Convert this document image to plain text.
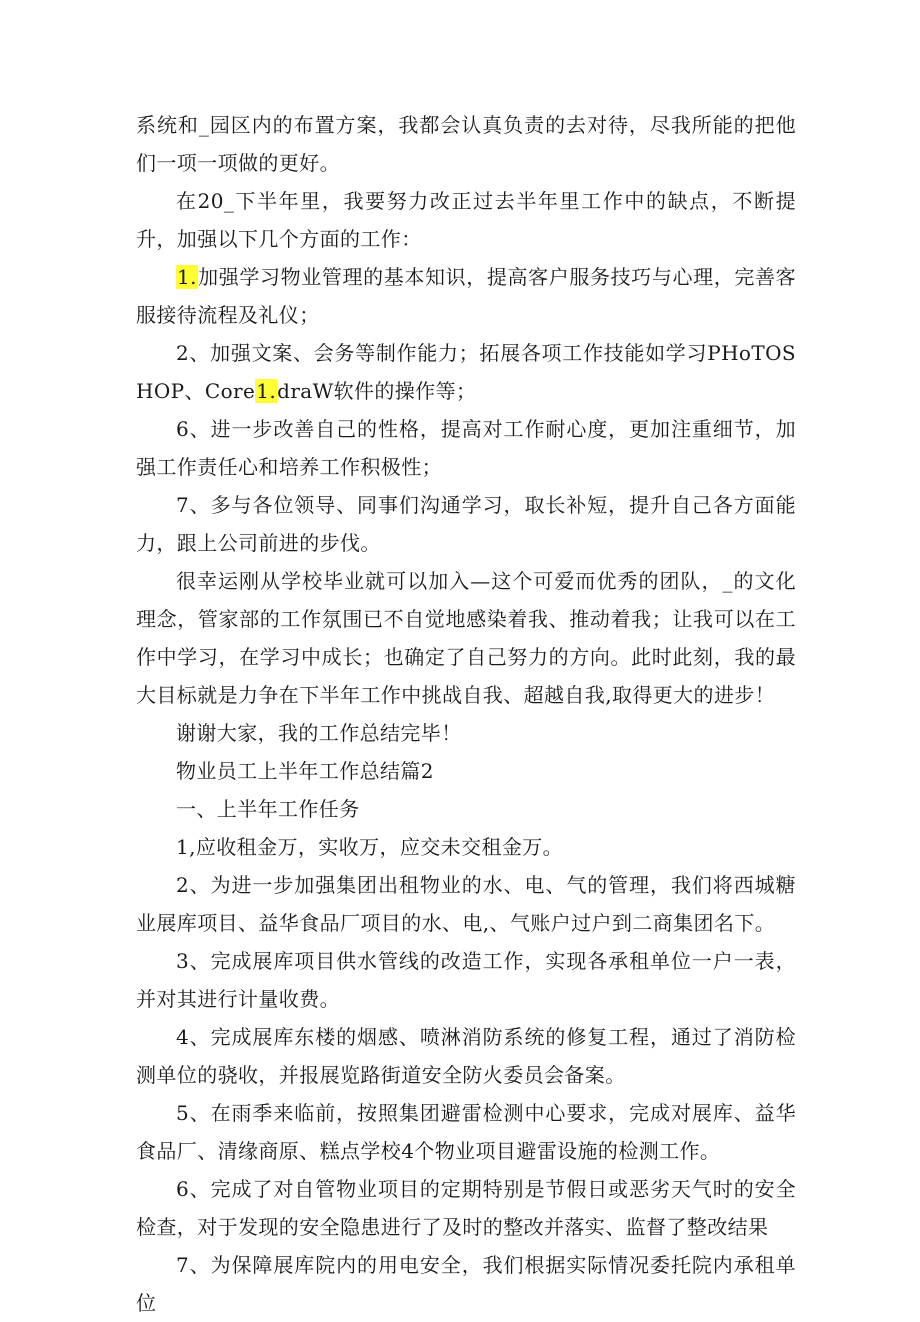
系统和_园区内的布置方案，我都会认真负责的去对待，尽我所能的把他们一项一项做的更好。

在20_下半年里，我要努力改正过去半年里工作中的缺点，不断提升，加强以下几个方面的工作：

1.加强学习物业管理的基本知识，提高客户服务技巧与心理，完善客服接待流程及礼仪；

2、加强文案、会务等制作能力；拓展各项工作技能如学习PHoTOSHOP、Core1.draW软件的操作等；

6、进一步改善自己的性格，提高对工作耐心度，更加注重细节，加强工作责任心和培养工作积极性；

7、多与各位领导、同事们沟通学习，取长补短，提升自己各方面能力，跟上公司前进的步伐。

很幸运刚从学校毕业就可以加入—这个可爱而优秀的团队，_的文化理念，管家部的工作氛围已不自觉地感染着我、推动着我；让我可以在工作中学习，在学习中成长；也确定了自己努力的方向。此时此刻，我的最大目标就是力争在下半年工作中挑战自我、超越自我,取得更大的进步！

谢谢大家，我的工作总结完毕！

物业员工上半年工作总结篇2

一、上半年工作任务

1,应收租金万，实收万，应交未交租金万。

2、为进一步加强集团出租物业的水、电、气的管理，我们将西城糖业展库项目、益华食品厂项目的水、电,、气账户过户到二商集团名下。

3、完成展库项目供水管线的改造工作，实现各承租单位一户一表，并对其进行计量收费。

4、完成展库东楼的烟感、喷淋消防系统的修复工程，通过了消防检测单位的骁收，并报展览路街道安全防火委员会备案。

5、在雨季来临前，按照集团避雷检测中心要求，完成对展库、益华食品厂、清缘商原、糕点学校4个物业项目避雷设施的检测工作。

6、完成了对自管物业项目的定期特别是节假日或恶劣天气时的安全检查，对于发现的安全隐患进行了及时的整改并落实、监督了整改结果

7、为保障展库院内的用电安全，我们根据实际情况委托院内承租单位
